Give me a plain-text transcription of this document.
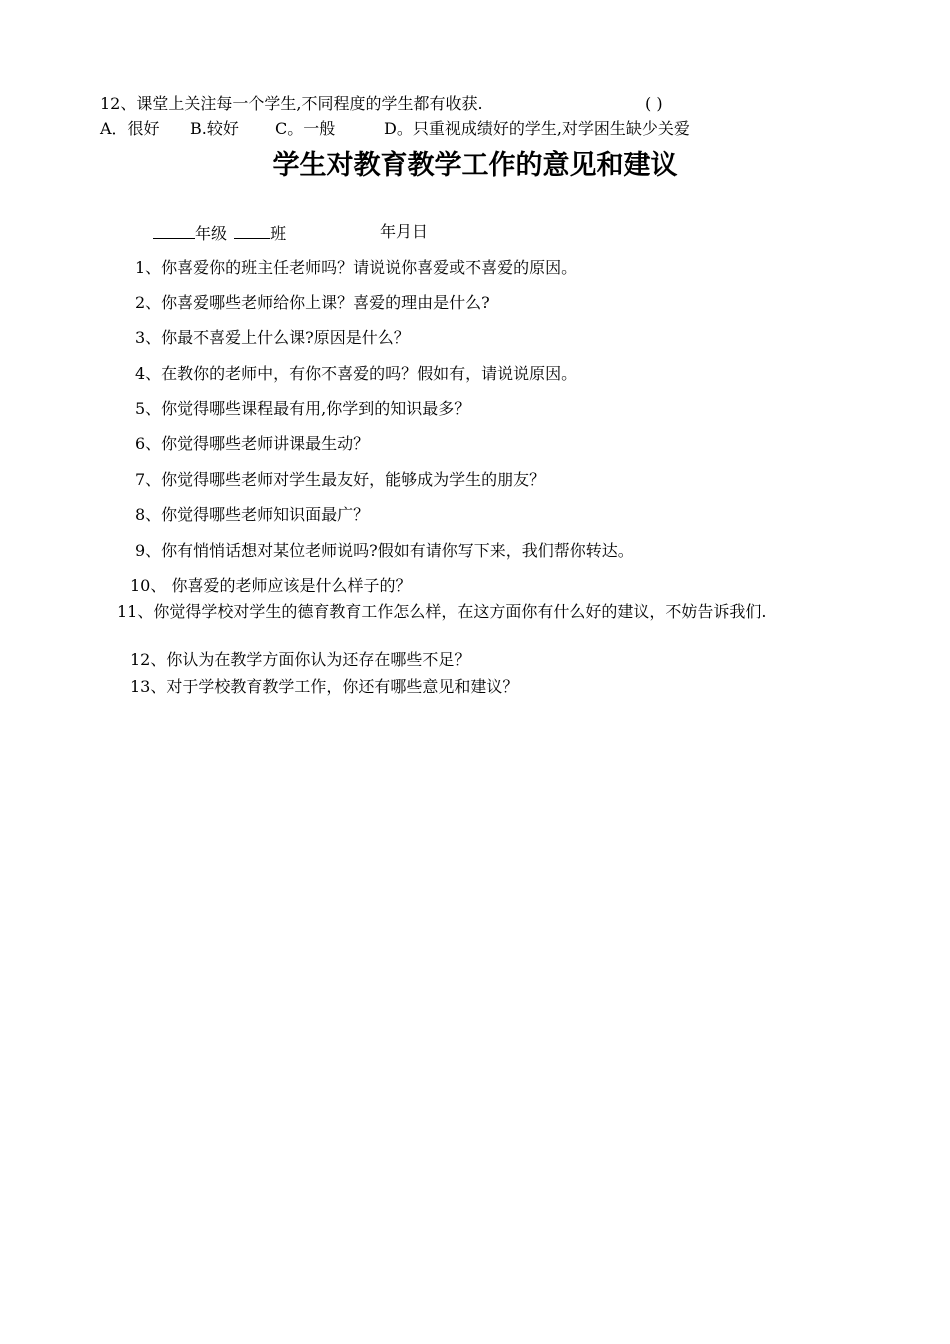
12、课堂上关注每一个学生,不同程度的学生都有收获.	( )
A．很好 B.较好 C。一般	D。只重视成绩好的学生,对学困生缺少关爱
学生对教育教学工作的意见和建议
年级	班	年月日
1、你喜爱你的班主任老师吗？请说说你喜爱或不喜爱的原因。
2、你喜爱哪些老师给你上课？喜爱的理由是什么?
3、你最不喜爱上什么课?原因是什么？
4、在教你的老师中，有你不喜爱的吗？假如有，请说说原因。
5、你觉得哪些课程最有用,你学到的知识最多？
6、你觉得哪些老师讲课最生动？
7、你觉得哪些老师对学生最友好，能够成为学生的朋友？
8、你觉得哪些老师知识面最广？
9、你有悄悄话想对某位老师说吗?假如有请你写下来，我们帮你转达。
10、 你喜爱的老师应该是什么样子的？
11、你觉得学校对学生的德育教育工作怎么样，在这方面你有什么好的建议，不妨告诉我们.
12、你认为在教学方面你认为还存在哪些不足？
13、对于学校教育教学工作，你还有哪些意见和建议？
